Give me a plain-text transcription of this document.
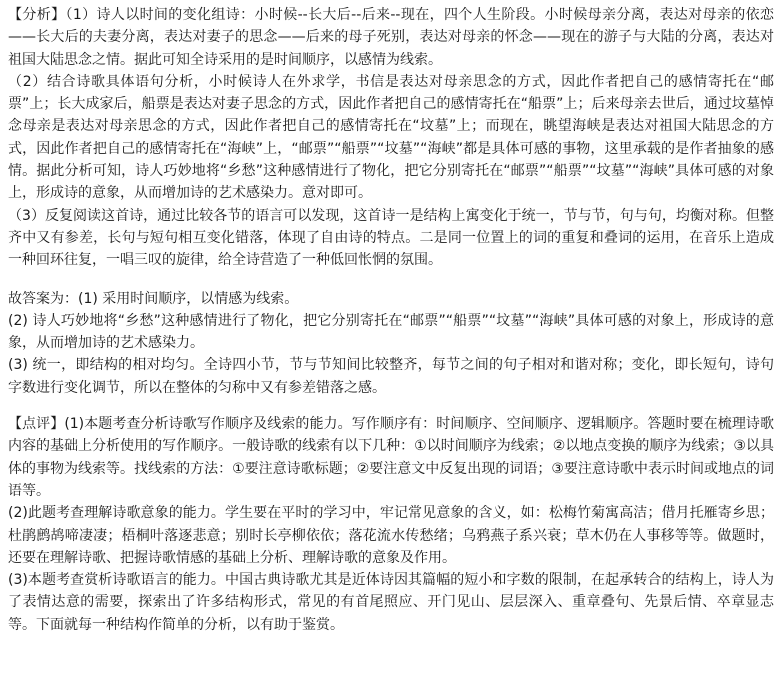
【分析】（1）诗人以时间的变化组诗：小时候--长大后--后来--现在，四个人生阶段。小时候母亲分离，表达对母亲的依恋——长大后的夫妻分离，表达对妻子的思念——后来的母子死别，表达对母亲的怀念——现在的游子与大陆的分离，表达对祖国大陆思念之情。据此可知全诗采用的是时间顺序，以感情为线索。

（2）结合诗歌具体语句分析，小时候诗人在外求学，书信是表达对母亲思念的方式，因此作者把自己的感情寄托在“邮票”上；长大成家后，船票是表达对妻子思念的方式，因此作者把自己的感情寄托在“船票”上；后来母亲去世后，通过坟墓悼念母亲是表达对母亲思念的方式，因此作者把自己的感情寄托在“坟墓”上；而现在，眺望海峡是表达对祖国大陆思念的方式，因此作者把自己的感情寄托在“海峡”上，“邮票”“船票”“坟墓”“海峡”都是具体可感的事物，这里承载的是作者抽象的感情。据此分析可知，诗人巧妙地将“乡愁”这种感情进行了物化，把它分别寄托在“邮票”“船票”“坟墓”“海峡”具体可感的对象上，形成诗的意象，从而增加诗的艺术感染力。意对即可。

（3）反复阅读这首诗，通过比较各节的语言可以发现，这首诗一是结构上寓变化于统一，节与节，句与句，均衡对称。但整齐中又有参差，长句与短句相互变化错落，体现了自由诗的特点。二是同一位置上的词的重复和叠词的运用，在音乐上造成一种回环往复，一唱三叹的旋律，给全诗营造了一种低回怅惘的氛围。

故答案为：(1) 采用时间顺序，以情感为线索。

(2) 诗人巧妙地将“乡愁”这种感情进行了物化，把它分别寄托在“邮票”“船票”“坟墓”“海峡”具体可感的对象上，形成诗的意象，从而增加诗的艺术感染力。

(3) 统一，即结构的相对均匀。全诗四小节，节与节知间比较整齐，每节之间的句子相对和谐对称；变化，即长短句，诗句字数进行变化调节，所以在整体的匀称中又有参差错落之感。

【点评】(1)本题考查分析诗歌写作顺序及线索的能力。写作顺序有：时间顺序、空间顺序、逻辑顺序。答题时要在梳理诗歌内容的基础上分析使用的写作顺序。一般诗歌的线索有以下几种：①以时间顺序为线索；②以地点变换的顺序为线索；③以具体的事物为线索等。找线索的方法：①要注意诗歌标题；②要注意文中反复出现的词语；③要注意诗歌中表示时间或地点的词语等。

(2)此题考查理解诗歌意象的能力。学生要在平时的学习中，牢记常见意象的含义，如：松梅竹菊寓高洁；借月托雁寄乡思；杜鹃鹧鸪啼凄凄；梧桐叶落逐悲意；别时长亭柳依依；落花流水传愁绪；乌鸦燕子系兴衰；草木仍在人事移等等。做题时，还要在理解诗歌、把握诗歌情感的基础上分析、理解诗歌的意象及作用。

(3)本题考查赏析诗歌语言的能力。中国古典诗歌尤其是近体诗因其篇幅的短小和字数的限制，在起承转合的结构上，诗人为了表情达意的需要，探索出了许多结构形式，常见的有首尾照应、开门见山、层层深入、重章叠句、先景后情、卒章显志等。下面就每一种结构作简单的分析，以有助于鉴赏。
